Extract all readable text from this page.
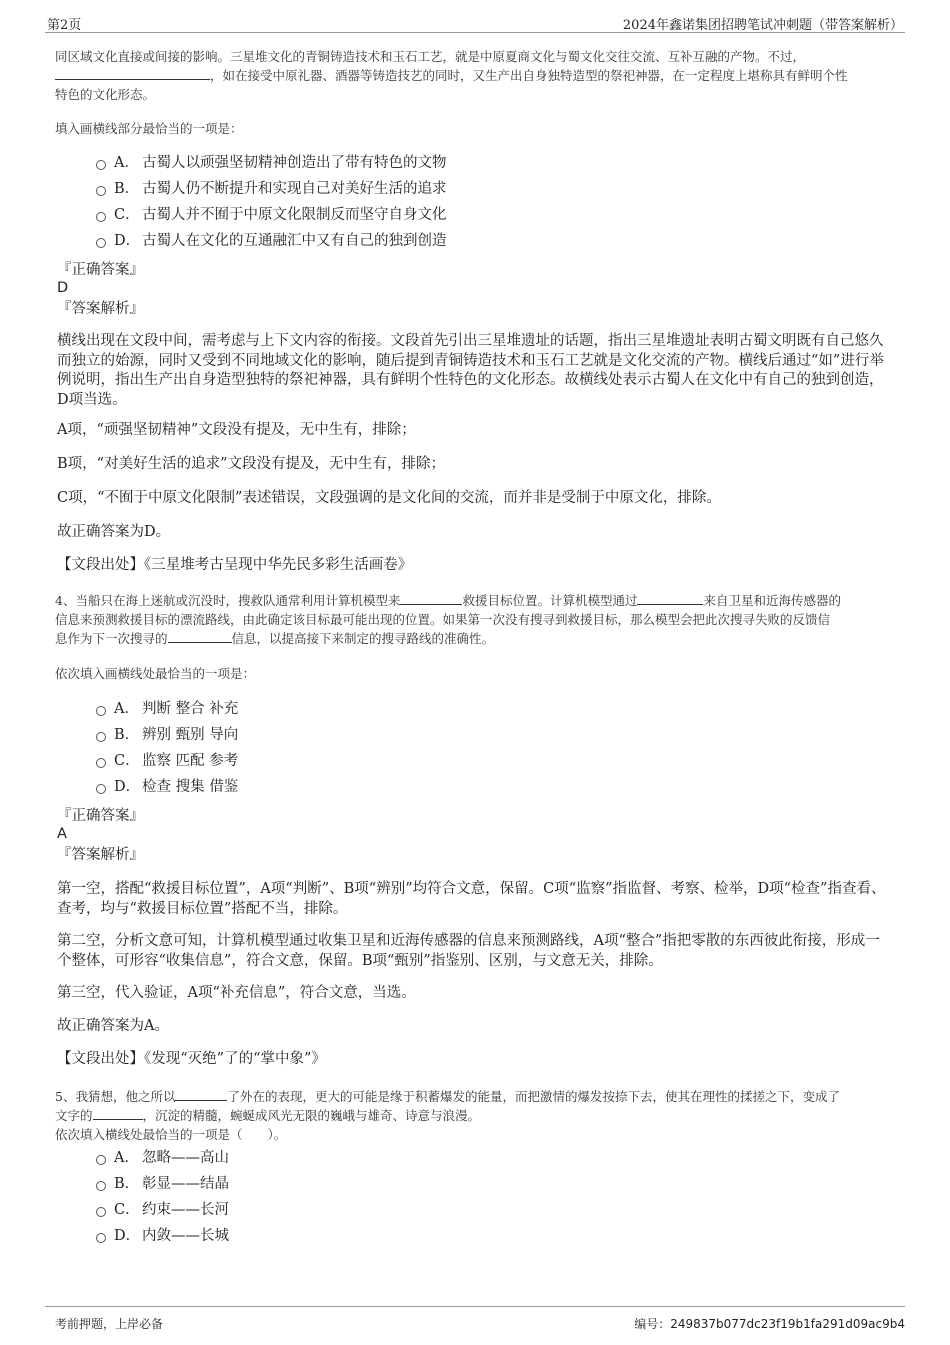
第2页	2024年鑫诺集团招聘笔试冲刺题（带答案解析）
同区域文化直接或间接的影响。三星堆文化的青铜铸造技术和玉石工艺，就是中原夏商文化与蜀文化交往交流、互补互融的产物。不过，
，如在接受中原礼器、酒器等铸造技艺的同时，又生产出自身独特造型的祭祀神器，在一定程度上堪称具有鲜明个性
特色的文化形态。
填入画横线部分最恰当的一项是：
A． 古蜀人以顽强坚韧精神创造出了带有特色的文物
B． 古蜀人仍不断提升和实现自己对美好生活的追求
C． 古蜀人并不囿于中原文化限制反而坚守自身文化
D． 古蜀人在文化的互通融汇中又有自己的独到创造
『正确答案』
D
『答案解析』
横线出现在文段中间，需考虑与上下文内容的衔接。文段首先引出三星堆遗址的话题，指出三星堆遗址表明古蜀文明既有自己悠久而独立的始源，同时又受到不同地域文化的影响，随后提到青铜铸造技术和玉石工艺就是文化交流的产物。横线后通过“如”进行举例说明，指出生产出自身造型独特的祭祀神器，具有鲜明个性特色的文化形态。故横线处表示古蜀人在文化中有自己的独到创造，D项当选。
A项，“顽强坚韧精神”文段没有提及，无中生有，排除；
B项，“对美好生活的追求”文段没有提及，无中生有，排除；
C项，“不囿于中原文化限制”表述错误，文段强调的是文化间的交流，而并非是受制于中原文化，排除。
故正确答案为D。
【文段出处】《三星堆考古呈现中华先民多彩生活画卷》
4、当船只在海上迷航或沉没时，搜救队通常利用计算机模型来	救援目标位置。计算机模型通过	来自卫星和近海传感器的
信息来预测救援目标的漂流路线，由此确定该目标最可能出现的位置。如果第一次没有搜寻到救援目标，那么模型会把此次搜寻失败的反馈信
息作为下一次搜寻的	信息，以提高接下来制定的搜寻路线的准确性。
依次填入画横线处最恰当的一项是：
A． 判断 整合 补充
B． 辨别 甄别 导向
C． 监察 匹配 参考
D． 检查 搜集 借鉴
『正确答案』
A
『答案解析』
第一空，搭配“救援目标位置”，A项“判断”、B项“辨别”均符合文意，保留。C项“监察”指监督、考察、检举，D项“检查”指查看、查考，均与“救援目标位置”搭配不当，排除。
第二空，分析文意可知，计算机模型通过收集卫星和近海传感器的信息来预测路线，A项“整合”指把零散的东西彼此衔接，形成一个整体，可形容“收集信息”，符合文意，保留。B项“甄别”指鉴别、区别，与文意无关，排除。
第三空，代入验证，A项“补充信息”，符合文意，当选。
故正确答案为A。
【文段出处】《发现“灭绝”了的“掌中象”》
5、我猜想，他之所以	了外在的表现，更大的可能是缘于积蓄爆发的能量，而把激情的爆发按捺下去，使其在理性的揉搓之下，变成了
文字的	，沉淀的精髓，蜿蜒成风光无限的巍峨与雄奇、诗意与浪漫。
依次填入横线处最恰当的一项是（　　）。
A． 忽略——高山
B． 彰显——结晶
C． 约束——长河
D． 内敛——长城
考前押题，上岸必备	编号：249837b077dc23f19b1fa291d09ac9b4
